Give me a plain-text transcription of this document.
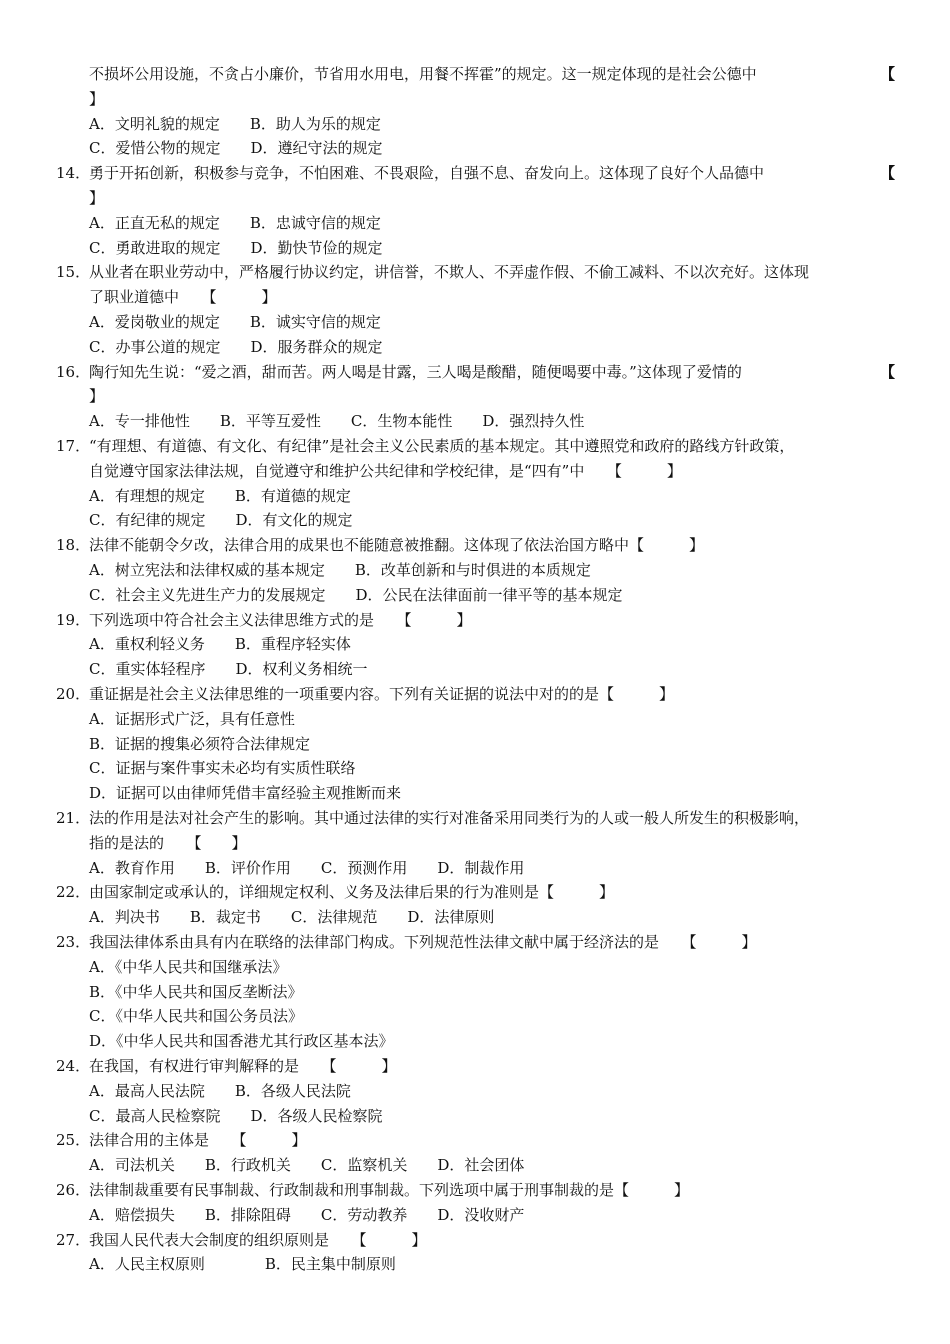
不损坏公用设施，不贪占小廉价，节省用水用电，用餐不挥霍”的规定。这一规定体现的是社会公德中	【
】
A．文明礼貌的规定　　B．助人为乐的规定
C．爱惜公物的规定　　D．遵纪守法的规定
14．
勇于开拓创新，积极参与竞争，不怕困难、不畏艰险，自强不息、奋发向上。这体现了良好个人品德中	【
】
A．正直无私的规定　　B．忠诚守信的规定
C．勇敢进取的规定　　D．勤快节俭的规定
15．
从业者在职业劳动中，严格履行协议约定，讲信誉，不欺人、不弄虚作假、不偷工减料、不以次充好。这体现
了职业道德中　　【　　　】
A．爱岗敬业的规定　　B．诚实守信的规定
C．办事公道的规定　　D．服务群众的规定
16．
陶行知先生说：“爱之酒，甜而苦。两人喝是甘露，三人喝是酸醋，随便喝要中毒。”这体现了爱情的	【
】
A．专一排他性　　B．平等互爱性　　C．生物本能性　　D．强烈持久性
17．
“有理想、有道德、有文化、有纪律”是社会主义公民素质的基本规定。其中遵照党和政府的路线方针政策，
自觉遵守国家法律法规，自觉遵守和维护公共纪律和学校纪律，是“四有”中　　【　　　】
A．有理想的规定　　B．有道德的规定
C．有纪律的规定　　D．有文化的规定
18．
法律不能朝令夕改，法律合用的成果也不能随意被推翻。这体现了依法治国方略中【　　　】
A．树立宪法和法律权威的基本规定　　B．改革创新和与时俱进的本质规定
C．社会主义先进生产力的发展规定　　D．公民在法律面前一律平等的基本规定
19．
下列选项中符合社会主义法律思维方式的是　　【　　　】
A．重权利轻义务　　B．重程序轻实体
C．重实体轻程序　　D．权利义务相统一
20．
重证据是社会主义法律思维的一项重要内容。下列有关证据的说法中对的的是【　　　】
A．证据形式广泛，具有任意性
B．证据的搜集必须符合法律规定
C．证据与案件事实未必均有实质性联络
D．证据可以由律师凭借丰富经验主观推断而来
21．
法的作用是法对社会产生的影响。其中通过法律的实行对准备采用同类行为的人或一般人所发生的积极影响，
指的是法的　　【　　】
A．教育作用　　B．评价作用　　C．预测作用　　D．制裁作用
22．
由国家制定或承认的，详细规定权利、义务及法律后果的行为准则是【　　　】
A．判决书　　B．裁定书　　C．法律规范　　D．法律原则
23．
我国法律体系由具有内在联络的法律部门构成。下列规范性法律文献中属于经济法的是　　【　　　】
A．《中华人民共和国继承法》
B．《中华人民共和国反垄断法》
C．《中华人民共和国公务员法》
D．《中华人民共和国香港尤其行政区基本法》
24．
在我国，有权进行审判解释的是　　【　　　】
A．最高人民法院　　B．各级人民法院
C．最高人民检察院　　D．各级人民检察院
25．
法律合用的主体是　　【　　　】
A．司法机关　　B．行政机关　　C．监察机关　　D．社会团体
26．
法律制裁重要有民事制裁、行政制裁和刑事制裁。下列选项中属于刑事制裁的是【　　　】
A．赔偿损失　　B．排除阻碍　　C．劳动教养　　D．没收财产
27．
我国人民代表大会制度的组织原则是　　【　　　】
A．人民主权原则　　　　B．民主集中制原则
